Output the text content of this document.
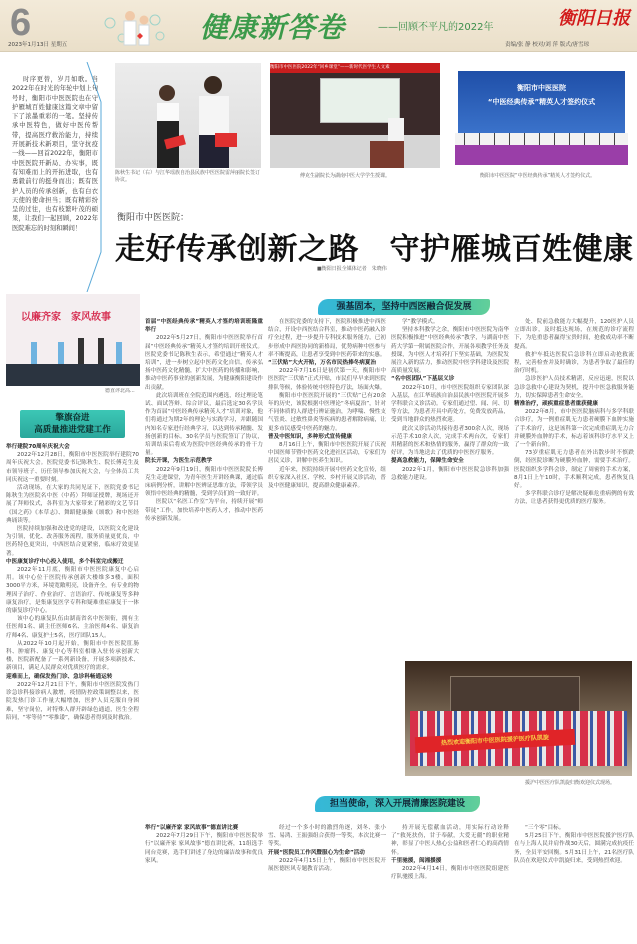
6
2023年1月13日 星期五
健康新答卷	——回顾不平凡的2022年	衡阳日报
责编/张 静 校对/刘 萍 版式/唐雪琼
时序更替，岁月如歌。当2022年在时光的年轮中划上句号时，衡阳市中医医院也在守护雁城百姓健康这篇文章中留下了浓墨重彩的一笔。坚持传承中医特色，做好中医传帮带，提高医疗救治能力，持续开展新技术新项目，坚守抗疫一线——回首2022年，衡阳市中医医院开新局、办实事，既有知难而上的开拓进取，也有勇毅前行的挺身而出；既有医护人员的传承创新，也有白衣天使的使命担当；既有精彩纷呈的过往，也有枝繁叶茂的硕果，让我们一起回顾，2022年医院难忘的时刻和瞬间！
陈秋生书记（右）与江华瑶族自治县民族中医医院雷萍丽院长签订协议。
衡阳市中医医院2022年“回乡课堂”——新时代医学生人文素
傅克生副院长为湖南中医大学学生授课。
衡阳市中医医院
“中医经典传承”精英人才签约仪式
衡阳市中医医院“中医经典传承”精英人才签约仪式。
衡阳市中医医院：
走好传承创新之路　守护雁城百姓健康
■衡阳日报全媒体记者　朱晓伟
以廉齐家　家风故事
德直评北高...
擎旗奋进
高质量推进党建工作

举行建院70周年庆祝大会

2022年12月28日，衡阳市中医医院举行建院70周年庆祝大会。医院党委书记陈秋生、院长傅克生及市领导班子、历任领导参加庆祝大会，与全体员工共同庆祝这一重要时刻。

活动现场，在大家的共同见证下，医院党委书记陈秋生为医院名中医（中药）拜师证授牌，现场还开展了拜师仪式，各科室为大家带来了精彩的文艺节目《国之药》《本草志》、舞蹈健康操《颂歌》和中医经典诵读等。

医院持续加强和改进党的建设，以医院文化建设为引领，优化、改善服务流程，服务质量更优良，中医药特色更突出，中西医结合更紧密，临床疗效更显著。

中医康复诊疗中心投入使用，多个科室完成搬迁

2022年11月底，衡阳市中医医院康复中心启用。该中心位于医院传承创新大楼维多3楼，面积3000平方米，环境宽敞明亮，设备齐全，有专业的物理因子治疗、作业治疗、言语治疗、传统康复等多种康复治疗，是集康复医学专科和疑难重症康复于一体的康复诊疗中心。

该中心的康复队伍由湖南省名中医领衔，拥有主任医师1名、副主任医师6名、主治医师4名、康复治疗师4名、康复护士5名，医疗团队15人。

从2022年10月起开始，衡阳市中医医院肛肠科、肿瘤科、康复中心等科室相继入驻传承创新大楼，医院新配备了一系列新设备，开展多项新技术、新项目，满足人民群众对优质医疗的需求。

迎难而上，确保发热门诊、急诊科畅通运转

2022年12月21日下午，衡阳市中医医院发热门诊急诊科接诊病人激增，疫情防控政策调整以来，医院发热门诊工作量大幅增加，医护人员克服自身困难，坚守岗位，对特殊人群开辟绿色通道，医生全程陪同，“零等待”“零推诿”，确保患者得到及时救治。

强基固本，坚持中西医融合促发展

首届“中医经典传承”精英人才签约培训班隆重举行

2022年5月27日，衡阳市中医医院举行首届“中医经典传承”精英人才签约培训开班仪式。医院党委书记陈秋生表示，希望通过“精英人才培训”，进一步树立起中医药文化自信，传承弘扬中医药文化精髓，扩大中医药的传播和影响，推动中医药事业的创新发展，为健康衡阳建设作出贡献。

此次培训班在全院范围内遴选，经过理论笔试、面试答辩、综合评议，最后选定30名学员作为首届“中医经典传承精英人才”培训对象，他们将通过为期2年的理论与实践学习，并跟随国内知名专家进行经典学习，以达到传承精髓、发扬创新的目标。30名学员与医院签订了协议，培训结束后将成为医院中医经典传承的骨干力量。

院长开课，为医生示范教学

2022年9月19日，衡阳市中医医院院长傅克生走进课堂，为青年医生开讲经典课，通过临床病例分析，讲解中医辨证思维方法，带领学员领悟中医经典的精髓，受到学员们的一致好评。

医院以“名医工作室”为平台，持续开展“师带徒”工作，加快培养中医药人才，推动中医药传承创新发展。

在医院党委的支持下，医院积极推进中西医结合，开设中西医结合科室，推动中医药融入诊疗全过程，进一步提升专科技术服务能力，已初步形成中西医协同的新格局，优势病种中医参与率不断提高，让患者享受到中医药带来的实惠。

“三伏贴”大火开贴，万名市民热捧冬病夏治

2022年7月16日是初伏第一天，衡阳市中医医院“三伏贴”正式开贴，市民们早早来到医院排队等候，体验传统中医特色疗法，场面火爆。

衡阳市中医医院开展的“三伏贴”已有20余年的历史，该院根据中医理论“冬病夏治”，针对不同体质的人群进行辨证施治，为哮喘、慢性支气管炎、过敏性鼻炎等疾病的患者解除病痛，让更多市民感受中医药的魅力。

普及中医知识，多种形式宣传健康

8月16日上午，衡阳市中医医院开展了庆祝中国医师节暨中医药文化进社区活动，专家们为居民义诊，讲解中医养生知识。

近年来，医院持续开展中医药文化宣传，组织专家深入社区、学校、乡村开展义诊活动，普及中医健康知识，提高群众健康素养。

学”教学模式。

坚持本科教学之余，衡阳市中医医院为南华医院积极推进“中医经典传承”教学，与湖南中医药大学第一附属医院合作，开展各项教学任务及授课，为中医人才培养打下坚实基础，为医院发展注入新的活力，推动医院中医学科建设及医院高质量发展。

“名中医团队”下基层义诊

2022年10月，市中医医院组织专家团队深入基层，在江华瑶族自治县民族中医医院开展多学科联合义诊活动。专家们通过望、闻、问、切等方法，为患者开具中药处方，免费发放药品，受到当地群众的热烈欢迎。

此次义诊活动共接待患者300余人次，现场示范手术10余人次，完成手术两台次，专家们用精湛的医术和热情的服务，赢得了群众的一致好评，为当地送去了优质的中医医疗服务。

提高急救能力，保障生命安全

2022年1月，衡阳市中医医院急诊科加强急救能力建设。

处、院前急救能力大幅提升，120医护人员立即出诊，及时抵达现场，在规范的诊疗流程下，为危重患者赢得宝贵时间，抢救成功率不断提高。

救护车抵达医院后急诊科立即启动抢救流程，完善检查并及时确诊，为患者争取了最佳的治疗时机。

急诊医护人员技术精湛，反应迅速，医院以急诊急救中心建设为契机，提升中医急救服务能力，切实保障患者生命安全。

精准治疗，顽疾重症患者重获健康

2022年8月，市中医医院脑病科与多学科联合诊疗，为一例重症肌无力患者硬膜下血肿实施了手术治疗，这是该科第一次完成重症肌无力合并硬膜外血肿的手术，标志着该科诊疗水平又上了一个新台阶。

73岁重症肌无力患者在外出散步时不慎跌倒，经医院诊断为硬膜外血肿，需要手术治疗。医院组织多学科会诊，制定了周密的手术方案，8月1日上午10时，手术顺利完成，患者恢复良好。

多学科联合诊疗是解决疑难危重病例的有效方法，让患者获得更优质的医疗服务。

热烈欢迎衡阳市中医医院援沪医疗队凯旋
援沪中医医疗队凯旋归衡欢迎仪式现场。
担当使命，深入开展清廉医院建设

举行“以廉齐家 家风故事”德直讲比赛

2022年7月29日下午，衡阳市中医医院举行“以廉齐家 家风故事”德直讲比赛，11组选手同台竞赛，选手们讲述了身边的廉洁故事和优良家风。

经过一个多小时的激烈角逐，刘冬、张小雪、易鸿、王振强组合获得一等奖，本次比赛一等奖。

开展“医院员工作风暨服心为生命”活动

2022年4月15日上午，衡阳市中医医院开展医德医风专题教育活动。

持开展无偿献血活动，用实际行动诠释了“救死扶伤，甘于奉献，大爱无疆”的职业精神，彰显了中医人热心公益和医者仁心的高尚情怀。

千里驰援，闽湘援援

2022年4月14日，衡阳市中医医院组建医疗队驰援上海。

“三个零”目标。

5月25日下午，衡阳市中医医院援沪医疗队在与上海人民并肩作战30天后，圆满完成抗疫任务，全员平安回衡。5月31日上午，21名医疗队队员在欢迎仪式中凯旋归来，受到热烈欢迎。
